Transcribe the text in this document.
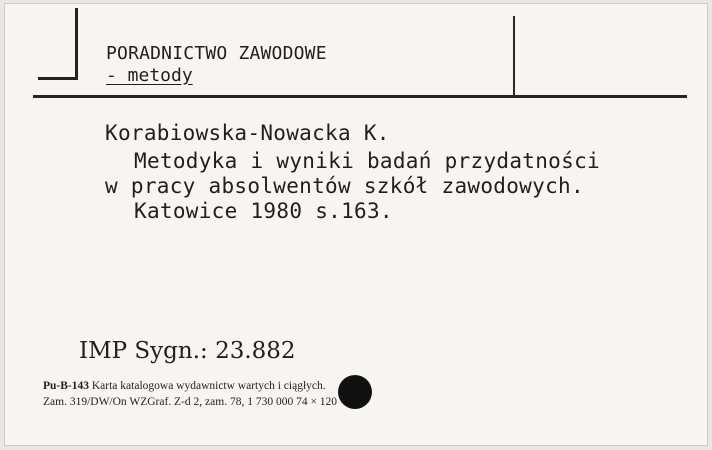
PORADNICTWO ZAWODOWE
- metody
Korabiowska-Nowacka K.
Metodyka i wyniki badań przydatności
w pracy absolwentów szkół zawodowych.
Katowice 1980 s.163.
IMP Sygn.: 23.882
Pu-B-143 Karta katalogowa wydawnictw wartych i ciągłych.
Zam. 319/DW/On WZGraf. Z-d 2, zam. 78, 1 730 000 74 × 120
